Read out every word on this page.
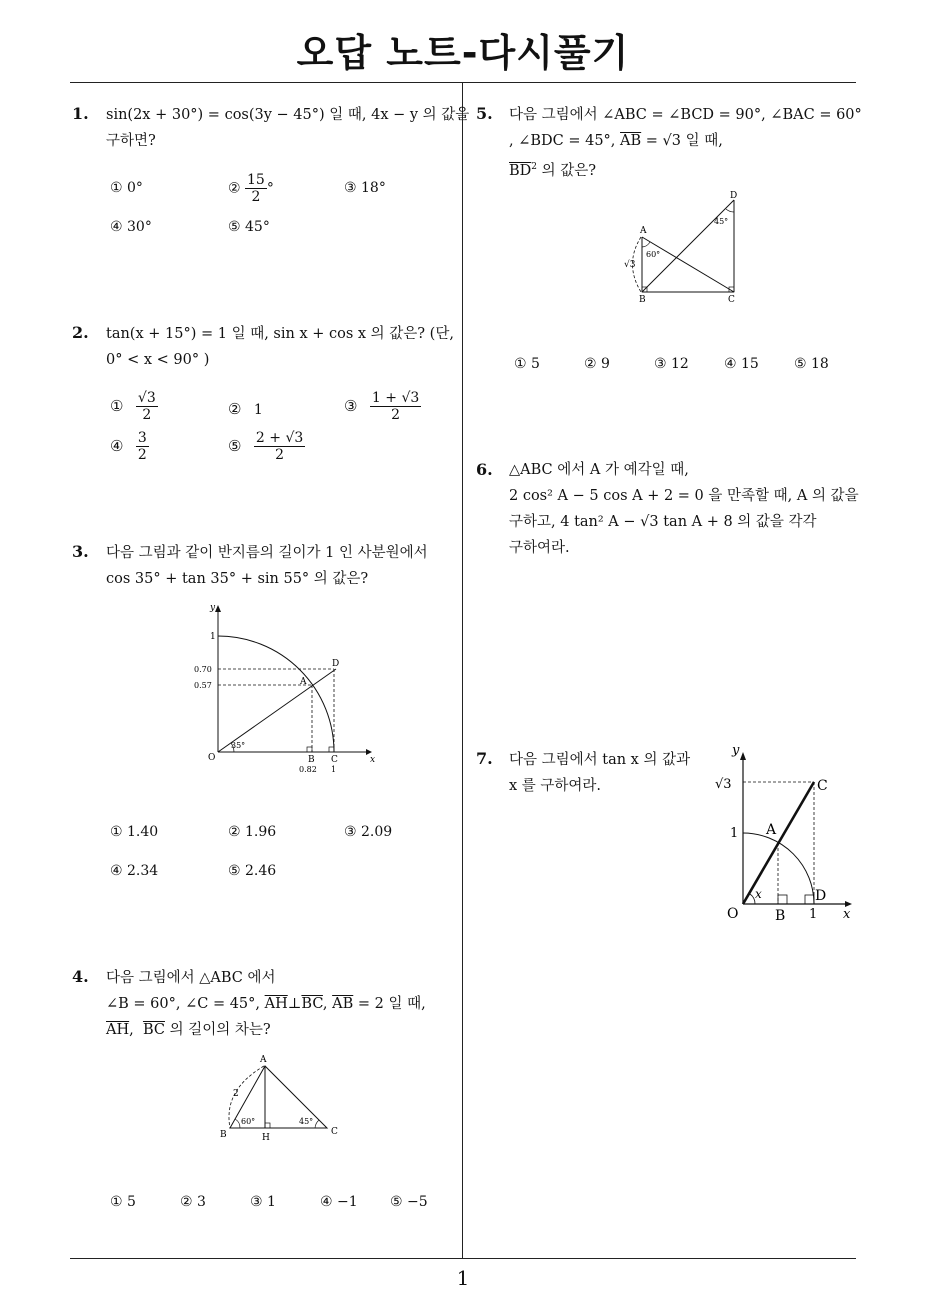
오답 노트-다시풀기
1
1. sin(2x + 30°) = cos(3y − 45°) 일 때, 4x − y 의 값을
구하면?
① 0°	② $\frac{15}{2}$ °	③ 18°
④ 30°	⑤ 45°
2. tan(x + 15°) = 1 일 때, sin x + cos x 의 값은? (단,
0° < x < 90° )
① $\frac{√3}{2}$	② 1	③ $\frac{1 + √3}{2}$
④ $\frac{3}{2}$	⑤ $\frac{2 + √3}{2}$
3. 다음 그림과 같이 반지름의 길이가 1 인 사분원에서
cos 35° + tan 35° + sin 55° 의 값은?
y
x
1
0.70
0.57	A
D
O
35°
B C
0.82 1
① 1.40	② 1.96	③ 2.09
④ 2.34	⑤ 2.46
4. 다음 그림에서 △ABC 에서
∠B = 60°, ∠C = 45°, $\overline{AH}\perp\overline{BC}$, $\overline{AB} = 2$ 일 때,
$\overline{AH}$,  $\overline{BC}$ 의 길이의 차는?
A
B	C
H
2
60°	45°
① 5	② 3	③ 1	④ −1 ⑤ −5
5. 다음 그림에서 ∠ABC = ∠BCD = 90°, ∠BAC = 60°
, ∠BDC = 45°, $\overline{AB} = √3$ 일 때,
$\overline{BD}^2$ 의 값은?
A
B	C
D
60°
45°
√3
① 5	② 9	③ 12	④ 15	⑤ 18
6. △ABC 에서 A 가 예각일 때,
2 cos² A − 5 cos A + 2 = 0 을 만족할 때, A 의 값을
구하고, 4 tan² A − √3 tan A + 8 의 값을 각각
구하여라.
7. 다음 그림에서 tan x 의 값과
x 를 구하여라.
y
√3	C
1 A
x	D
O	B 1 x
